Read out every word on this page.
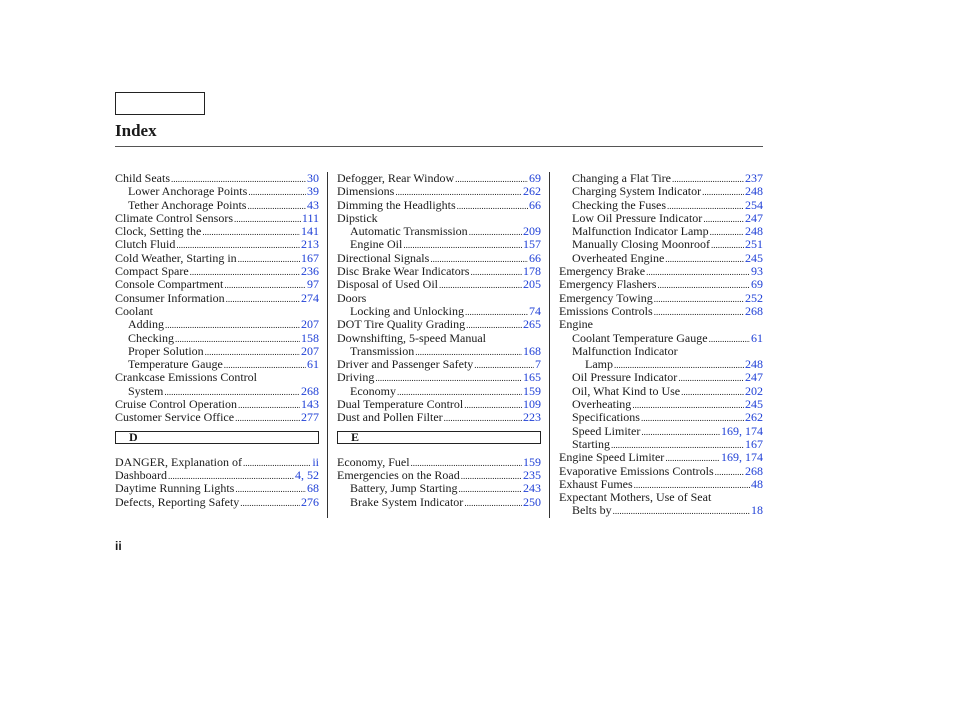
Index
Child Seats .....	30
Lower Anchorage Points .....	39
Tether Anchorage Points .....	43
Climate Control Sensors .....	111
Clock, Setting the .....	141
Clutch Fluid .....	213
Cold Weather, Starting in .....	167
Compact Spare .....	236
Console Compartment .....	97
Consumer Information .....	274
Coolant
Adding .....	207
Checking .....	158
Proper Solution .....	207
Temperature Gauge .....	61
Crankcase Emissions Control
System .....	268
Cruise Control Operation .....	143
Customer Service Office .....	277
D
DANGER, Explanation of .....	ii
Dashboard .....	4, 52
Daytime Running Lights .....	68
Defects, Reporting Safety .....	276
Defogger, Rear Window .....	69
Dimensions .....	262
Dimming the Headlights .....	66
Dipstick
Automatic Transmission .....	209
Engine Oil .....	157
Directional Signals .....	66
Disc Brake Wear Indicators .....	178
Disposal of Used Oil .....	205
Doors
Locking and Unlocking .....	74
DOT Tire Quality Grading .....	265
Downshifting, 5-speed Manual
Transmission .....	168
Driver and Passenger Safety .....	7
Driving .....	165
Economy .....	159
Dual Temperature Control .....	109
Dust and Pollen Filter .....	223
E
Economy, Fuel .....	159
Emergencies on the Road .....	235
Battery, Jump Starting .....	243
Brake System Indicator .....	250
Changing a Flat Tire .....	237
Charging System Indicator .....	248
Checking the Fuses .....	254
Low Oil Pressure Indicator .....	247
Malfunction Indicator Lamp .....	248
Manually Closing Moonroof .....	251
Overheated Engine .....	245
Emergency Brake .....	93
Emergency Flashers .....	69
Emergency Towing .....	252
Emissions Controls .....	268
Engine
Coolant Temperature Gauge .....	61
Malfunction Indicator
Lamp .....	248
Oil Pressure Indicator .....	247
Oil, What Kind to Use .....	202
Overheating .....	245
Specifications .....	262
Speed Limiter .....	169, 174
Starting .....	167
Engine Speed Limiter .....	169, 174
Evaporative Emissions Controls .....	268
Exhaust Fumes .....	48
Expectant Mothers, Use of Seat
Belts by .....	18
ii
